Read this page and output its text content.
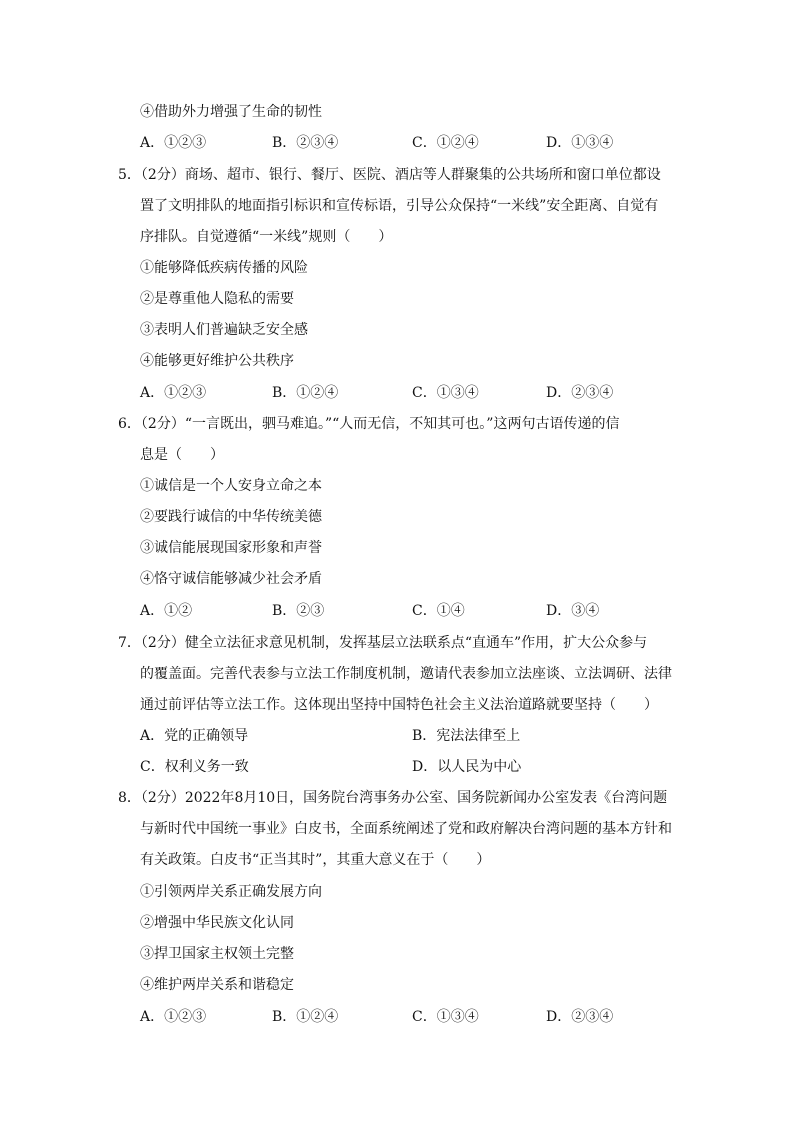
④借助外力增强了生命的韧性
A．①②③	B．②③④	C．①②④	D．①③④
5．（2分）商场、超市、银行、餐厅、医院、酒店等人群聚集的公共场所和窗口单位都设
置了文明排队的地面指引标识和宣传标语，引导公众保持“一米线”安全距离、自觉有
序排队。自觉遵循“一米线”规则（　　）
①能够降低疾病传播的风险
②是尊重他人隐私的需要
③表明人们普遍缺乏安全感
④能够更好维护公共秩序
A．①②③	B．①②④	C．①③④	D．②③④
6．（2分）“一言既出，驷马难追。”“人而无信，不知其可也。”这两句古语传递的信
息是（　　）
①诚信是一个人安身立命之本
②要践行诚信的中华传统美德
③诚信能展现国家形象和声誉
④恪守诚信能够减少社会矛盾
A．①②	B．②③	C．①④	D．③④
7．（2分）健全立法征求意见机制，发挥基层立法联系点“直通车”作用，扩大公众参与
的覆盖面。完善代表参与立法工作制度机制，邀请代表参加立法座谈、立法调研、法律
通过前评估等立法工作。这体现出坚持中国特色社会主义法治道路就要坚持（　　）
A．党的正确领导	B．宪法法律至上
C．权利义务一致	D．以人民为中心
8．（2分）2022年8月10日，国务院台湾事务办公室、国务院新闻办公室发表《台湾问题
与新时代中国统一事业》白皮书，全面系统阐述了党和政府解决台湾问题的基本方针和
有关政策。白皮书“正当其时”，其重大意义在于（　　）
①引领两岸关系正确发展方向
②增强中华民族文化认同
③捍卫国家主权领土完整
④维护两岸关系和谐稳定
A．①②③	B．①②④	C．①③④	D．②③④
